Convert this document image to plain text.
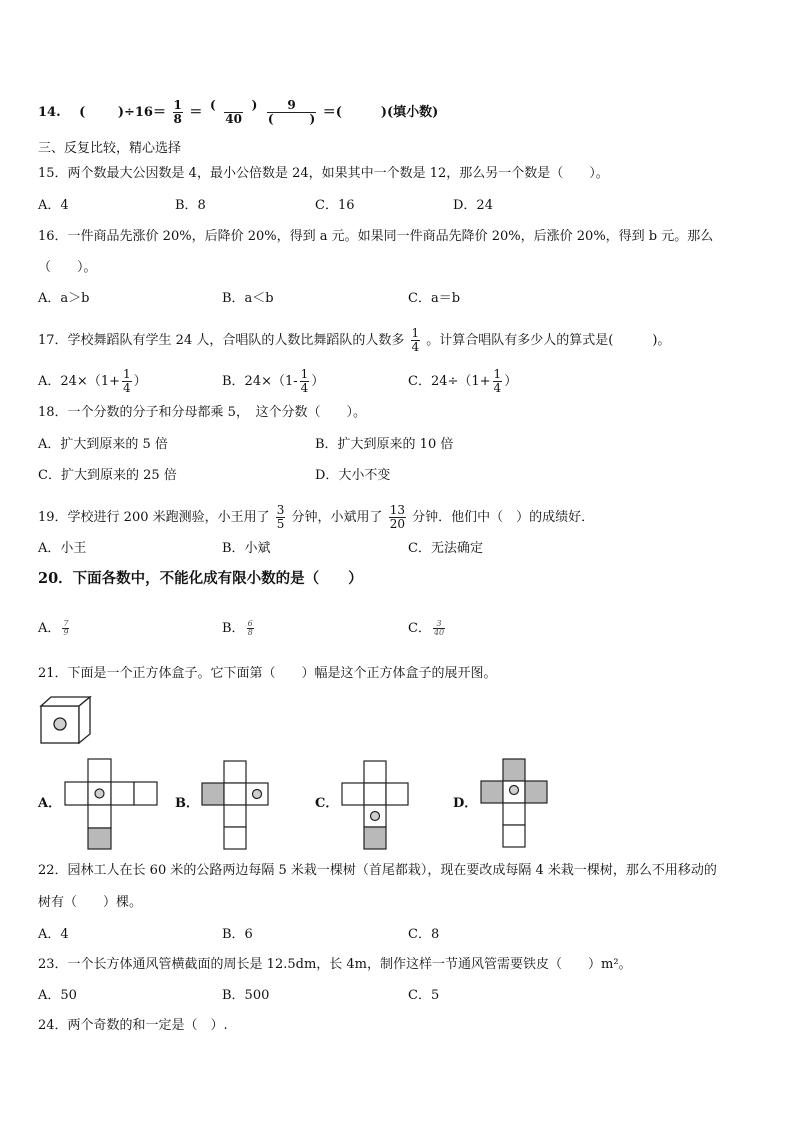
14. (	)$\div 16= \frac{1}{8} = \frac{( )}{40}$
$\frac{9}{( )}$ ＝(　　　)(填小数)
三、反复比较，精心选择
15．两个数最大公因数是 4，最小公倍数是 24，如果其中一个数是 12，那么另一个数是（　　）。
A．4	B．8	C．16	D．24
16．一件商品先涨价 20%，后降价 20%，得到 a 元。如果同一件商品先降价 20%，后涨价 20%，得到 b 元。那么
（　　）。
A．a＞b	B．a＜b	C．a＝b
17．学校舞蹈队有学生 24 人，合唱队的人数比舞蹈队的人数多 $\frac{1}{4}$ 。计算合唱队有多少人的算式是(　　　)。
A．$24\times(1+ \frac{1}{4}$ ）	B．$24\times(1- \frac{1}{4}$ ）	C．$24\div(1+ \frac{1}{4}$ ）
18．一个分数的分子和分母都乘 5，　这个分数（　　）。
A．扩大到原来的 5 倍	B．扩大到原来的 10 倍
C．扩大到原来的 25 倍	D．大小不变
19．学校进行 200 米跑测验，小王用了 $\frac{3}{5}$ 分钟，小斌用了 $\frac{13}{20}$ 分钟．他们中（　）的成绩好．
A．小王	B．小斌	C．无法确定
20．下面各数中，不能化成有限小数的是（　　）
A． $\frac{7}{9}$	B． $\frac{6}{8}$	C． $\frac{3}{40}$
21．下面是一个正方体盒子。它下面第（　　）幅是这个正方体盒子的展开图。
A．	B．	C．	D．
22．园林工人在长 60 米的公路两边每隔 5 米栽一棵树（首尾都栽），现在要改成每隔 4 米栽一棵树，那么不用移动的
树有（　　）棵。
A．4	B．6	C．8
23．一个长方体通风管横截面的周长是 12.5dm，长 4m，制作这样一节通风管需要铁皮（　　）m²。
A．50	B．500	C．5
24．两个奇数的和一定是（　）.
